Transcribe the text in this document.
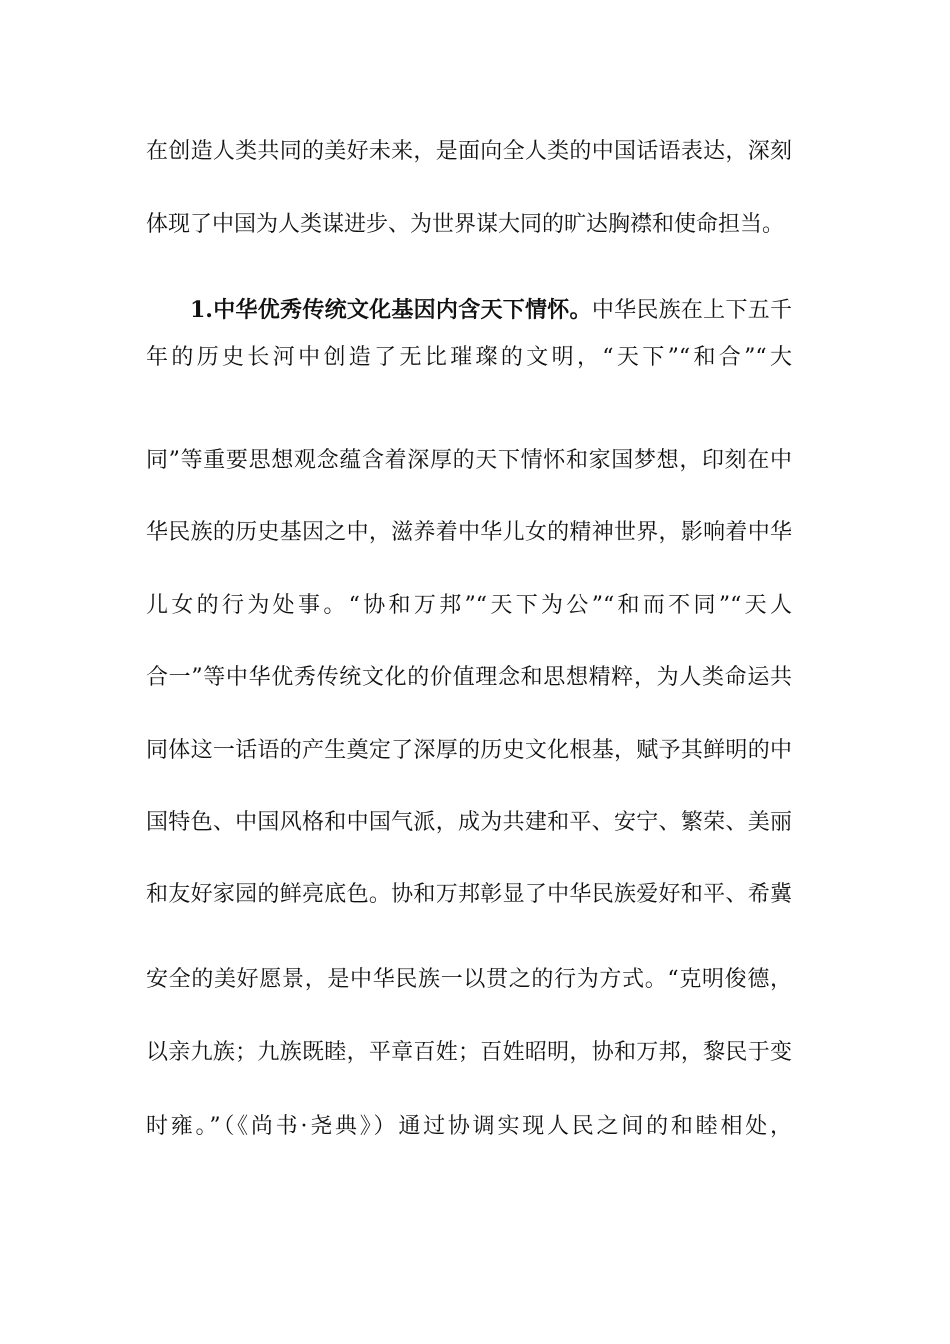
在创造人类共同的美好未来，是面向全人类的中国话语表达，深刻
体现了中国为人类谋进步、为世界谋大同的旷达胸襟和使命担当。
1.中华优秀传统文化基因内含天下情怀。中华民族在上下五千
年的历史长河中创造了无比璀璨的文明，“天下”“和合”“大
同”等重要思想观念蕴含着深厚的天下情怀和家国梦想，印刻在中
华民族的历史基因之中，滋养着中华儿女的精神世界，影响着中华
儿女的行为处事。“协和万邦”“天下为公”“和而不同”“天人
合一”等中华优秀传统文化的价值理念和思想精粹，为人类命运共
同体这一话语的产生奠定了深厚的历史文化根基，赋予其鲜明的中
国特色、中国风格和中国气派，成为共建和平、安宁、繁荣、美丽
和友好家园的鲜亮底色。协和万邦彰显了中华民族爱好和平、希冀
安全的美好愿景，是中华民族一以贯之的行为方式。“克明俊德，
以亲九族；九族既睦，平章百姓；百姓昭明，协和万邦，黎民于变
时雍。”（《尚书·尧典》）通过协调实现人民之间的和睦相处，
